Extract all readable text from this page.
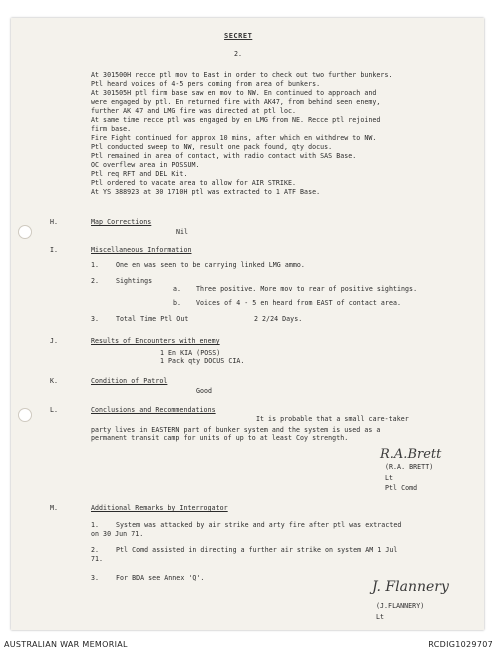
SECRET
2.
At 301500H recce ptl mov to East in order to check out two further bunkers.
Ptl heard voices of 4-5 pers coming from area of bunkers.
At 301505H ptl firm base saw en mov to NW. En continued to approach and
were engaged by ptl. En returned fire with AK47, from behind seen enemy,
further AK 47 and LMG fire was directed at ptl loc.
At same time recce ptl was engaged by en LMG from NE. Recce ptl rejoined
firm base.
Fire Fight continued for approx 10 mins, after which en withdrew to NW.
Ptl conducted sweep to NW, result one pack found, qty docus.
Ptl remained in area of contact, with radio contact with SAS Base.
OC overflew area in POSSUM.
Ptl req RFT and DEL Kit.
Ptl ordered to vacate area to allow for AIR STRIKE.
At YS 388923 at 30 1710H ptl was extracted to 1 ATF Base.
H.	Map Corrections
Nil
I.	Miscellaneous Information
1.	One en was seen to be carrying linked LMG ammo.
2.	Sightings
a. Three positive. More mov to rear of positive sightings.
b. Voices of 4 - 5 en heard from EAST of contact area.
3.	Total Time Ptl Out	2 2/24 Days.
J.	Results of Encounters with enemy
1 En KIA (POSS)
1 Pack qty DOCUS CIA.
K.	Condition of Patrol
Good
L.	Conclusions and Recommendations
It is probable that a small care-taker
party lives in EASTERN part of bunker system and the system is used as a
permanent transit camp for units of up to at least Coy strength.
R.A.Brett
(R.A. BRETT)
Lt
Ptl Comd
M.	Additional Remarks by Interrogator
1.	System was attacked by air strike and arty fire after ptl was extracted
on 30 Jun 71.
2.	Ptl Comd assisted in directing a further air strike on system AM 1 Jul
71.
3.	For BDA see Annex 'Q'.
J. Flannery
(J.FLANNERY)
Lt
AUSTRALIAN WAR MEMORIAL	RCDIG1029707
